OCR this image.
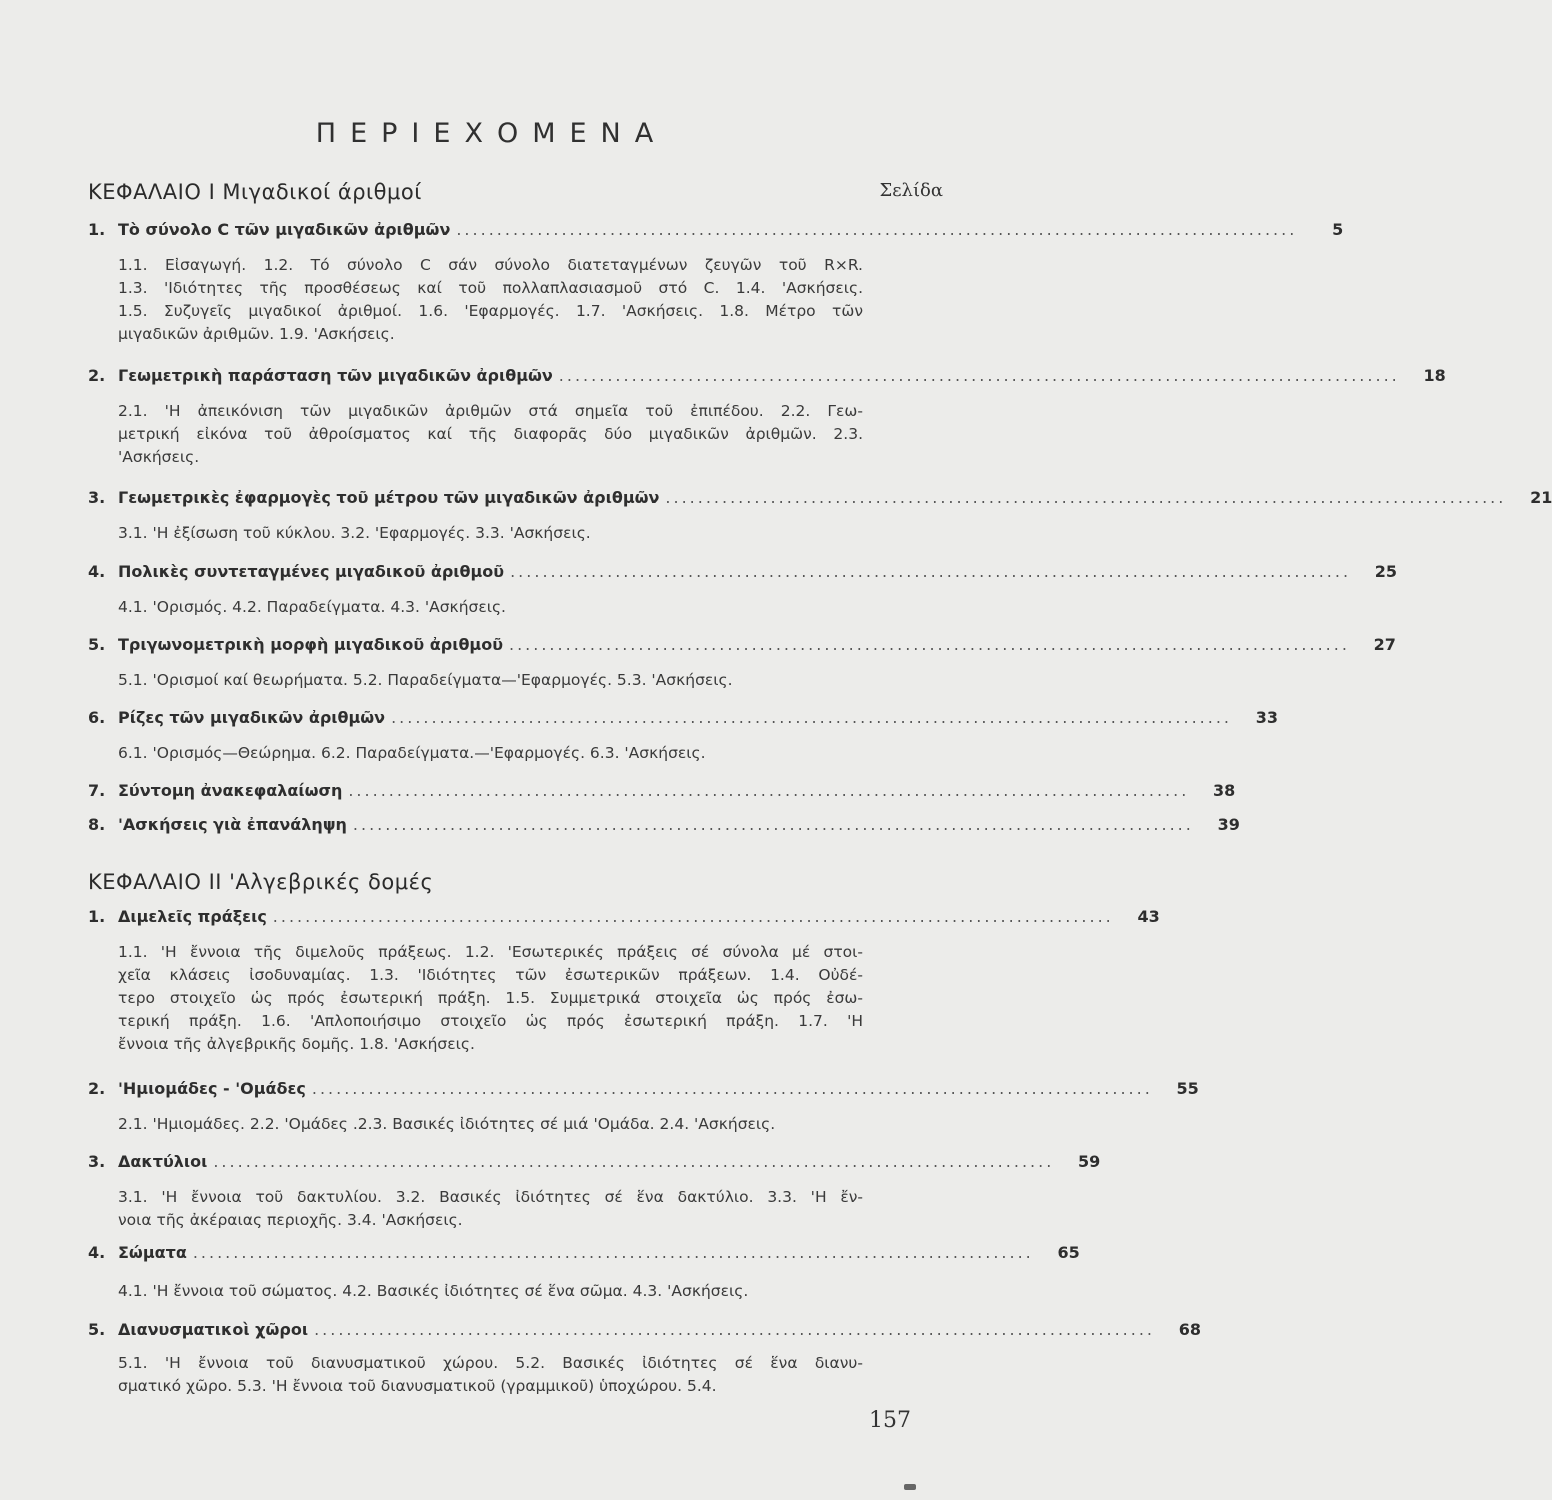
ΠΕΡΙΕΧΟΜΕΝΑ
ΚΕΦΑΛΑΙΟ I Μιγαδικοί άριθμοί	Σελίδα
1. Τὸ σύνολο C τῶν μιγαδικῶν ἀριθμῶν ........................................................................................................	5
1.1. Εἰσαγωγή. 1.2. Τό σύνολο C σάν σύνολο διατεταγμένων ζευγῶν τοῦ R×R.
1.3. 'Ιδιότητες τῆς προσθέσεως καί τοῦ πολλαπλασιασμοῦ στό C. 1.4. 'Ασκήσεις.
1.5. Συζυγεῖς μιγαδικοί ἀριθμοί. 1.6. 'Εφαρμογές. 1.7. 'Ασκήσεις. 1.8. Μέτρο τῶν
μιγαδικῶν ἀριθμῶν. 1.9. 'Ασκήσεις.
2. Γεωμετρικὴ παράσταση τῶν μιγαδικῶν ἀριθμῶν ........................................................................................................	18
2.1. 'Η ἀπεικόνιση τῶν μιγαδικῶν ἀριθμῶν στά σημεῖα τοῦ ἐπιπέδου. 2.2. Γεω-
μετρική εἰκόνα τοῦ ἀθροίσματος καί τῆς διαφορᾶς δύο μιγαδικῶν ἀριθμῶν. 2.3.
'Ασκήσεις.
3. Γεωμετρικὲς ἐφαρμογὲς τοῦ μέτρου τῶν μιγαδικῶν ἀριθμῶν ........................................................................................................	21
3.1. 'Η ἐξίσωση τοῦ κύκλου. 3.2. 'Εφαρμογές. 3.3. 'Ασκήσεις.
4. Πολικὲς συντεταγμένες μιγαδικοῦ ἀριθμοῦ ........................................................................................................	25
4.1. 'Ορισμός. 4.2. Παραδείγματα. 4.3. 'Ασκήσεις.
5. Τριγωνομετρικὴ μορφὴ μιγαδικοῦ ἀριθμοῦ ........................................................................................................	27
5.1. 'Ορισμοί καί θεωρήματα. 5.2. Παραδείγματα—'Εφαρμογές. 5.3. 'Ασκήσεις.
6. Ρίζες τῶν μιγαδικῶν ἀριθμῶν ........................................................................................................	33
6.1. 'Ορισμός—Θεώρημα. 6.2. Παραδείγματα.—'Εφαρμογές. 6.3. 'Ασκήσεις.
7. Σύντομη ἀνακεφαλαίωση ........................................................................................................	38
8. 'Ασκήσεις γιὰ ἐπανάληψη ........................................................................................................	39
ΚΕΦΑΛΑΙΟ II 'Αλγεβρικές δομές
1. Διμελεῖς πράξεις ........................................................................................................	43
1.1. 'Η ἔννοια τῆς διμελοῦς πράξεως. 1.2. 'Εσωτερικές πράξεις σέ σύνολα μέ στοι-
χεῖα κλάσεις ἰσοδυναμίας. 1.3. 'Ιδιότητες τῶν ἐσωτερικῶν πράξεων. 1.4. Οὐδέ-
τερο στοιχεῖο ὡς πρός ἐσωτερική πράξη. 1.5. Συμμετρικά στοιχεῖα ὡς πρός ἐσω-
τερική πράξη. 1.6. 'Απλοποιήσιμο στοιχεῖο ὡς πρός ἐσωτερική πράξη. 1.7. 'Η
ἔννοια τῆς ἀλγεβρικῆς δομῆς. 1.8. 'Ασκήσεις.
2. 'Ημιομάδες - 'Ομάδες ........................................................................................................	55
2.1. 'Ημιομάδες. 2.2. 'Ομάδες .2.3. Βασικές ἰδιότητες σέ μιά 'Ομάδα. 2.4. 'Ασκήσεις.
3. Δακτύλιοι ........................................................................................................	59
3.1. 'Η ἔννοια τοῦ δακτυλίου. 3.2. Βασικές ἰδιότητες σέ ἕνα δακτύλιο. 3.3. 'Η ἔν-
νοια τῆς ἀκέραιας περιοχῆς. 3.4. 'Ασκήσεις.
4. Σώματα ........................................................................................................	65
4.1. 'Η ἔννοια τοῦ σώματος. 4.2. Βασικές ἰδιότητες σέ ἕνα σῶμα. 4.3. 'Ασκήσεις.
5. Διανυσματικοὶ χῶροι ........................................................................................................	68
5.1. 'Η ἔννοια τοῦ διανυσματικοῦ χώρου. 5.2. Βασικές ἰδιότητες σέ ἕνα διανυ-
σματικό χῶρο. 5.3. 'Η ἔννοια τοῦ διανυσματικοῦ (γραμμικοῦ) ὑποχώρου. 5.4.
157
